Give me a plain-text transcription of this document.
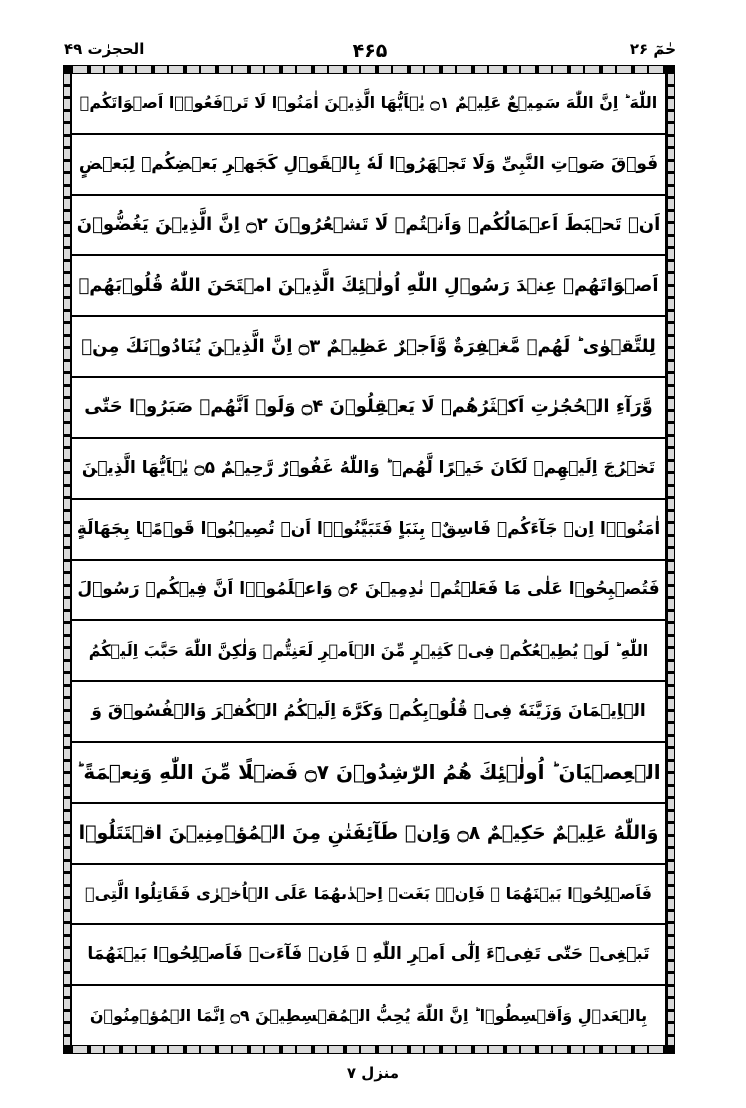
الحجرٰت ۴۹	۴۶۵	حٰمٓ ۲۶
اللّٰهَ ؕ اِنَّ اللّٰهَ سَمِيۡعٌ عَلِيۡمٌ ۝۱ يٰۤاَيُّهَا الَّذِيۡنَ اٰمَنُوۡا لَا تَرۡفَعُوۡۤا اَصۡوَاتَكُمۡ
فَوۡقَ صَوۡتِ النَّبِىِّ وَلَا تَجۡهَرُوۡا لَهٗ بِالۡقَوۡلِ كَجَهۡرِ بَعۡضِكُمۡ لِبَعۡضٍ
اَنۡ تَحۡبَطَ اَعۡمَالُكُمۡ وَاَنۡتُمۡ لَا تَشۡعُرُوۡنَ ۝۲ اِنَّ الَّذِيۡنَ يَغُضُّوۡنَ
اَصۡوَاتَهُمۡ عِنۡدَ رَسُوۡلِ اللّٰهِ اُولٰۤئِكَ الَّذِيۡنَ امۡتَحَنَ اللّٰهُ قُلُوۡبَهُمۡ
لِلتَّقۡوٰى ؕ لَهُمۡ مَّغۡفِرَةٌ وَّاَجۡرٌ عَظِيۡمٌ ۝۳ اِنَّ الَّذِيۡنَ يُنَادُوۡنَكَ مِنۡ
وَّرَآءِ الۡحُجُرٰتِ اَكۡثَرُهُمۡ لَا يَعۡقِلُوۡنَ ۝۴ وَلَوۡ اَنَّهُمۡ صَبَرُوۡا حَتّٰى
تَخۡرُجَ اِلَيۡهِمۡ لَكَانَ خَيۡرًا لَّهُمۡ ؕ وَاللّٰهُ غَفُوۡرٌ رَّحِيۡمٌ ۝۵ يٰۤاَيُّهَا الَّذِيۡنَ
اٰمَنُوۡۤا اِنۡ جَآءَكُمۡ فَاسِقٌۢ بِنَبَاٍ فَتَبَيَّنُوۡۤا اَنۡ تُصِيۡبُوۡا قَوۡمًۢا بِجَهَالَةٍ
فَتُصۡبِحُوۡا عَلٰى مَا فَعَلۡتُمۡ نٰدِمِيۡنَ ۝۶ وَاعۡلَمُوۡۤا اَنَّ فِيۡكُمۡ رَسُوۡلَ
اللّٰهِ ؕ لَوۡ يُطِيۡعُكُمۡ فِىۡ كَثِيۡرٍ مِّنَ الۡاَمۡرِ لَعَنِتُّمۡ وَلٰكِنَّ اللّٰهَ حَبَّبَ اِلَيۡكُمُ
الۡاِيۡمَانَ وَزَيَّنَهٗ فِىۡ قُلُوۡبِكُمۡ وَكَرَّهَ اِلَيۡكُمُ الۡكُفۡرَ وَالۡفُسُوۡقَ وَ
الۡعِصۡيَانَ ؕ اُولٰۤئِكَ هُمُ الرّٰشِدُوۡنَ ۝۷ فَضۡلًا مِّنَ اللّٰهِ وَنِعۡمَةً ؕ
وَاللّٰهُ عَلِيۡمٌ حَكِيۡمٌ ۝۸ وَاِنۡ طَآئِفَتٰنِ مِنَ الۡمُؤۡمِنِيۡنَ اقۡتَتَلُوۡا
فَاَصۡلِحُوۡا بَيۡنَهُمَا ۚ فَاِنۡۢ بَغَتۡ اِحۡدٰٮهُمَا عَلَى الۡاُخۡرٰى فَقَاتِلُوا الَّتِىۡ
تَبۡغِىۡ حَتّٰى تَفِىۡٓءَ اِلٰٓى اَمۡرِ اللّٰهِ ۚ فَاِنۡ فَآءَتۡ فَاَصۡلِحُوۡا بَيۡنَهُمَا
بِالۡعَدۡلِ وَاَقۡسِطُوۡا ؕ اِنَّ اللّٰهَ يُحِبُّ الۡمُقۡسِطِيۡنَ ۝۹ اِنَّمَا الۡمُؤۡمِنُوۡنَ
منزل ۷
